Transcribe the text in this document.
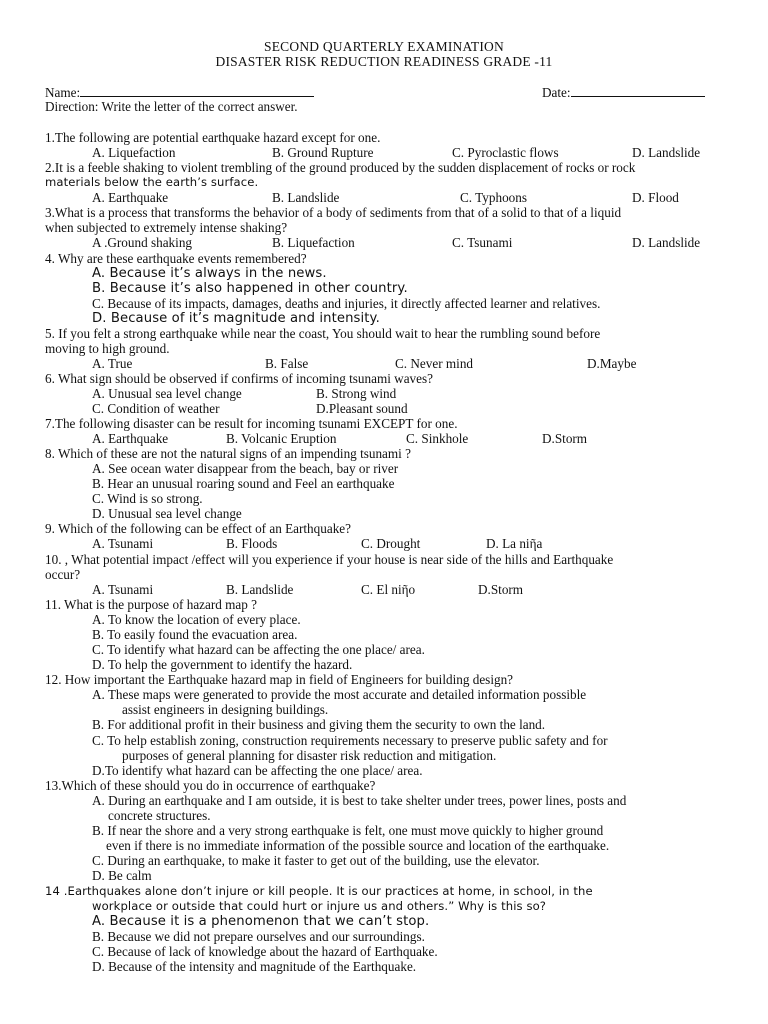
SECOND QUARTERLY EXAMINATION
DISASTER RISK REDUCTION READINESS GRADE -11
Name:	Date:
Direction: Write the letter of the correct answer.
1.The following are potential earthquake hazard except for one.
A. Liquefaction	B. Ground Rupture	C. Pyroclastic flows	D. Landslide
2.It is a feeble shaking to violent trembling of the ground produced by the sudden displacement of rocks or rock
materials below the earth’s surface.
A. Earthquake	B. Landslide	C. Typhoons	D. Flood
3.What is a process that transforms the behavior of a body of sediments from that of a solid to that of a liquid
when subjected to extremely intense shaking?
A .Ground shaking	B. Liquefaction	C. Tsunami	D. Landslide
4. Why are these earthquake events remembered?
A. Because it’s always in the news.
B. Because it’s also happened in other country.
C. Because of its impacts, damages, deaths and injuries, it directly affected learner and relatives.
D. Because of it’s magnitude and intensity.
5. If you felt a strong earthquake while near the coast, You should wait to hear the rumbling sound before
moving to high ground.
A. True	B. False	C. Never mind	D.Maybe
6. What sign should be observed if confirms of incoming tsunami waves?
A. Unusual sea level change	B. Strong wind
C. Condition of weather	D.Pleasant sound
7.The following disaster can be result for incoming tsunami EXCEPT for one.
A. Earthquake	B. Volcanic Eruption	C. Sinkhole	D.Storm
8. Which of these are not the natural signs of an impending tsunami ?
A. See ocean water disappear from the beach, bay or river
B. Hear an unusual roaring sound and Feel an earthquake
C. Wind is so strong.
D. Unusual sea level change
9. Which of the following can be effect of an Earthquake?
A. Tsunami	B. Floods	C. Drought	D. La niῆa
10. , What potential impact /effect will you experience if your house is near side of the hills and Earthquake
occur?
A. Tsunami	B. Landslide	C. El niῆo	D.Storm
11. What is the purpose of hazard map ?
A. To know the location of every place.
B. To easily found the evacuation area.
C. To identify what hazard can be affecting the one place/ area.
D. To help the government to identify the hazard.
12. How important the Earthquake hazard map in field of Engineers for building design?
A. These maps were generated to provide the most accurate and detailed information possible
assist engineers in designing buildings.
B. For additional profit in their business and giving them the security to own the land.
C. To help establish zoning, construction requirements necessary to preserve public safety and for
purposes of general planning for disaster risk reduction and mitigation.
D.To identify what hazard can be affecting the one place/ area.
13.Which of these should you do in occurrence of earthquake?
A. During an earthquake and I am outside, it is best to take shelter under trees, power lines, posts and
concrete structures.
B. If near the shore and a very strong earthquake is felt, one must move quickly to higher ground
even if there is no immediate information of the possible source and location of the earthquake.
C. During an earthquake, to make it faster to get out of the building, use the elevator.
D. Be calm
14 .Earthquakes alone don’t injure or kill people. It is our practices at home, in school, in the
workplace or outside that could hurt or injure us and others.” Why is this so?
A. Because it is a phenomenon that we can’t stop.
B. Because we did not prepare ourselves and our surroundings.
C. Because of lack of knowledge about the hazard of Earthquake.
D. Because of the intensity and magnitude of the Earthquake.
